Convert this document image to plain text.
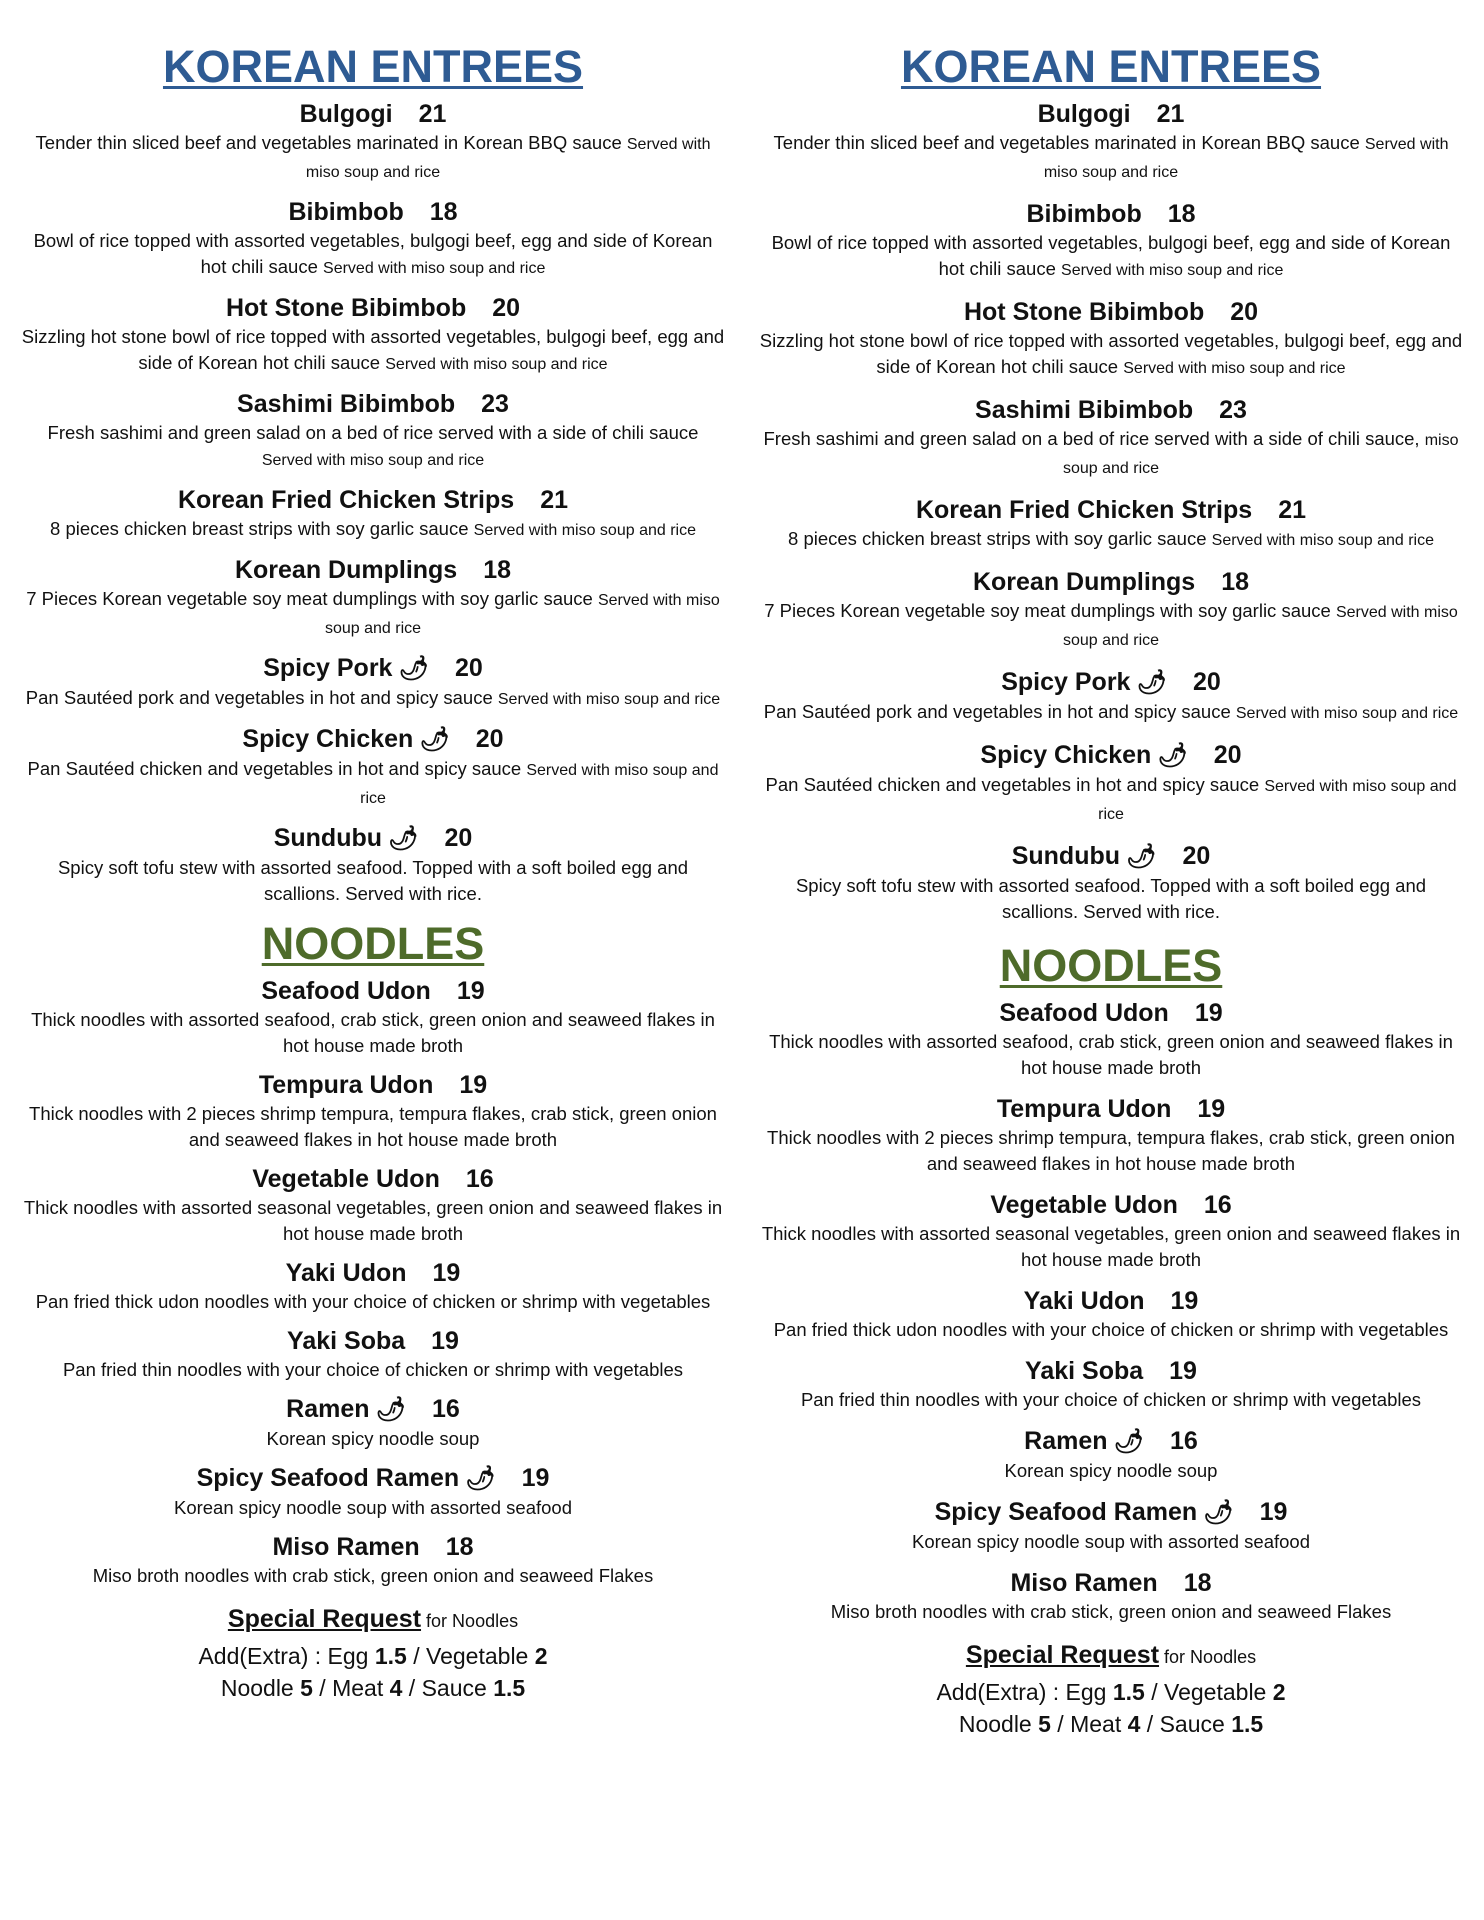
KOREAN ENTREES
Bulgogi 21
Tender thin sliced beef and vegetables marinated in Korean BBQ sauce Served with miso soup and rice
Bibimbob 18
Bowl of rice topped with assorted vegetables, bulgogi beef, egg and side of Korean hot chili sauce Served with miso soup and rice
Hot Stone Bibimbob 20
Sizzling hot stone bowl of rice topped with assorted vegetables, bulgogi beef, egg and side of Korean hot chili sauce Served with miso soup and rice
Sashimi Bibimbob 23
Fresh sashimi and green salad on a bed of rice served with a side of chili sauce Served with miso soup and rice
Korean Fried Chicken Strips 21
8 pieces chicken breast strips with soy garlic sauce Served with miso soup and rice
Korean Dumplings 18
7 Pieces Korean vegetable soy meat dumplings with soy garlic sauce Served with miso soup and rice
Spicy Pork 🌶 20
Pan Sautéed pork and vegetables in hot and spicy sauce Served with miso soup and rice
Spicy Chicken 🌶 20
Pan Sautéed chicken and vegetables in hot and spicy sauce Served with miso soup and rice
Sundubu 🌶 20
Spicy soft tofu stew with assorted seafood. Topped with a soft boiled egg and scallions. Served with rice.
NOODLES
Seafood Udon 19
Thick noodles with assorted seafood, crab stick, green onion and seaweed flakes in hot house made broth
Tempura Udon 19
Thick noodles with 2 pieces shrimp tempura, tempura flakes, crab stick, green onion and seaweed flakes in hot house made broth
Vegetable Udon 16
Thick noodles with assorted seasonal vegetables, green onion and seaweed flakes in hot house made broth
Yaki Udon 19
Pan fried thick udon noodles with your choice of chicken or shrimp with vegetables
Yaki Soba 19
Pan fried thin noodles with your choice of chicken or shrimp with vegetables
Ramen 🌶 16
Korean spicy noodle soup
Spicy Seafood Ramen 🌶 19
Korean spicy noodle soup with assorted seafood
Miso Ramen 18
Miso broth noodles with crab stick, green onion and seaweed Flakes
Special Request for Noodles
Add(Extra) : Egg 1.5 / Vegetable 2
Noodle 5 / Meat 4 / Sauce 1.5
KOREAN ENTREES
Bulgogi 21
Tender thin sliced beef and vegetables marinated in Korean BBQ sauce Served with miso soup and rice
Bibimbob 18
Bowl of rice topped with assorted vegetables, bulgogi beef, egg and side of Korean hot chili sauce Served with miso soup and rice
Hot Stone Bibimbob 20
Sizzling hot stone bowl of rice topped with assorted vegetables, bulgogi beef, egg and side of Korean hot chili sauce Served with miso soup and rice
Sashimi Bibimbob 23
Fresh sashimi and green salad on a bed of rice served with a side of chili sauce, miso soup and rice
Korean Fried Chicken Strips 21
8 pieces chicken breast strips with soy garlic sauce Served with miso soup and rice
Korean Dumplings 18
7 Pieces Korean vegetable soy meat dumplings with soy garlic sauce Served with miso soup and rice
Spicy Pork 🌶 20
Pan Sautéed pork and vegetables in hot and spicy sauce Served with miso soup and rice
Spicy Chicken 🌶 20
Pan Sautéed chicken and vegetables in hot and spicy sauce Served with miso soup and rice
Sundubu 🌶 20
Spicy soft tofu stew with assorted seafood. Topped with a soft boiled egg and scallions. Served with rice.
NOODLES
Seafood Udon 19
Thick noodles with assorted seafood, crab stick, green onion and seaweed flakes in hot house made broth
Tempura Udon 19
Thick noodles with 2 pieces shrimp tempura, tempura flakes, crab stick, green onion and seaweed flakes in hot house made broth
Vegetable Udon 16
Thick noodles with assorted seasonal vegetables, green onion and seaweed flakes in hot house made broth
Yaki Udon 19
Pan fried thick udon noodles with your choice of chicken or shrimp with vegetables
Yaki Soba 19
Pan fried thin noodles with your choice of chicken or shrimp with vegetables
Ramen 🌶 16
Korean spicy noodle soup
Spicy Seafood Ramen 🌶 19
Korean spicy noodle soup with assorted seafood
Miso Ramen 18
Miso broth noodles with crab stick, green onion and seaweed Flakes
Special Request for Noodles
Add(Extra) : Egg 1.5 / Vegetable 2
Noodle 5 / Meat 4 / Sauce 1.5
